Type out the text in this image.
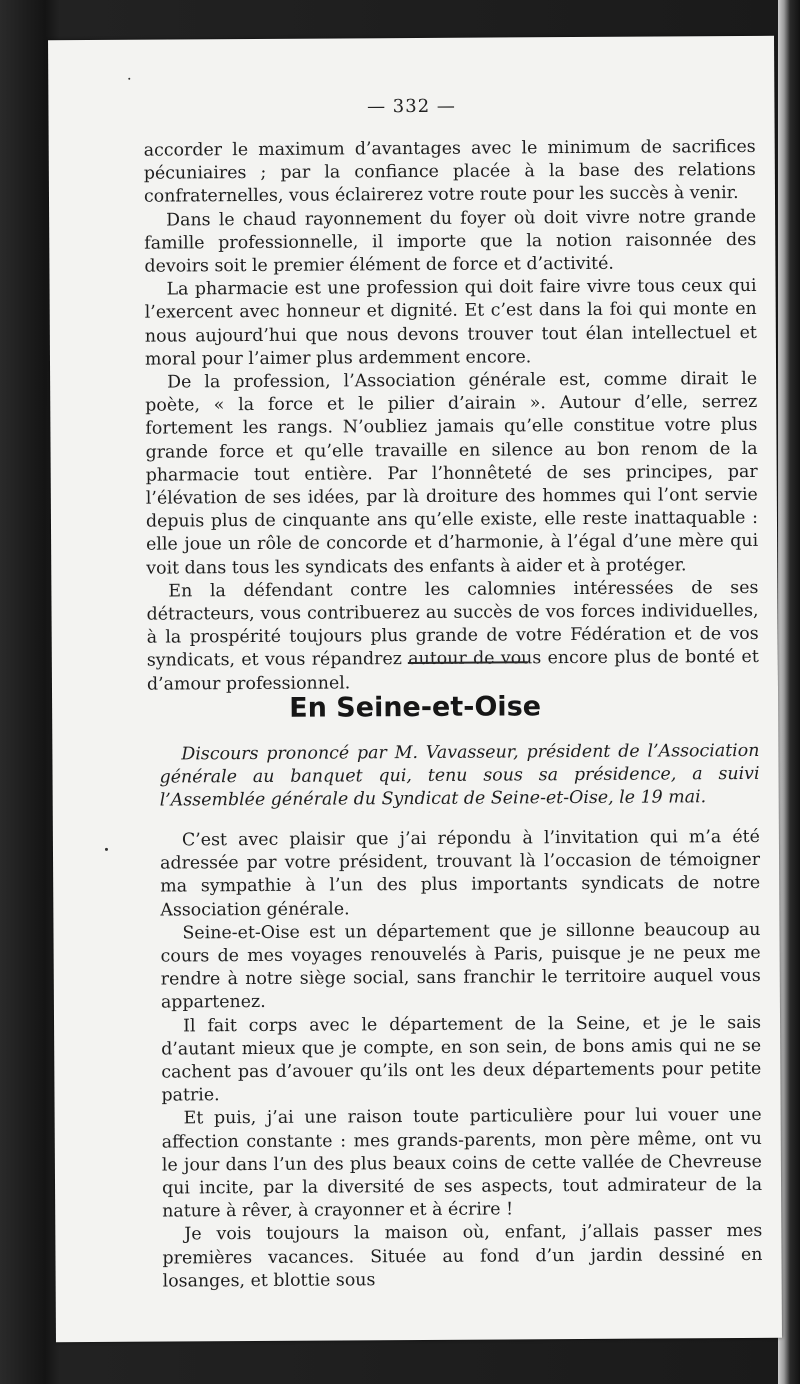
— 332 —

accorder le maximum d’avantages avec le minimum de sacrifices pécuniaires ; par la confiance placée à la base des relations confraternelles, vous éclairerez votre route pour les succès à venir.

Dans le chaud rayonnement du foyer où doit vivre notre grande famille professionnelle, il importe que la notion raisonnée des devoirs soit le premier élément de force et d’activité.

La pharmacie est une profession qui doit faire vivre tous ceux qui l’exercent avec honneur et dignité. Et c’est dans la foi qui monte en nous aujourd’hui que nous devons trouver tout élan intellectuel et moral pour l’aimer plus ardemment encore.

De la profession, l’Association générale est, comme dirait le poète, « la force et le pilier d’airain ». Autour d’elle, serrez fortement les rangs. N’oubliez jamais qu’elle constitue votre plus grande force et qu’elle travaille en silence au bon renom de la pharmacie tout entière. Par l’honnêteté de ses principes, par l’élévation de ses idées, par là droiture des hommes qui l’ont servie depuis plus de cinquante ans qu’elle existe, elle reste inattaquable : elle joue un rôle de concorde et d’harmonie, à l’égal d’une mère qui voit dans tous les syndicats des enfants à aider et à protéger.

En la défendant contre les calomnies intéressées de ses détracteurs, vous contribuerez au succès de vos forces individuelles, à la prospérité toujours plus grande de votre Fédération et de vos syndicats, et vous répandrez autour de vous encore plus de bonté et d’amour professionnel.

En Seine-et-Oise

Discours prononcé par M. Vavasseur, président de l’Association générale au banquet qui, tenu sous sa présidence, a suivi l’Assemblée générale du Syndicat de Seine-et-Oise, le 19 mai.

C’est avec plaisir que j’ai répondu à l’invitation qui m’a été adressée par votre président, trouvant là l’occasion de témoigner ma sympathie à l’un des plus importants syndicats de notre Association générale.

Seine-et-Oise est un département que je sillonne beaucoup au cours de mes voyages renouvelés à Paris, puisque je ne peux me rendre à notre siège social, sans franchir le territoire auquel vous appartenez.

Il fait corps avec le département de la Seine, et je le sais d’autant mieux que je compte, en son sein, de bons amis qui ne se cachent pas d’avouer qu’ils ont les deux départements pour petite patrie.

Et puis, j’ai une raison toute particulière pour lui vouer une affection constante : mes grands-parents, mon père même, ont vu le jour dans l’un des plus beaux coins de cette vallée de Chevreuse qui incite, par la diversité de ses aspects, tout admirateur de la nature à rêver, à crayonner et à écrire !

Je vois toujours la maison où, enfant, j’allais passer mes premières vacances. Située au fond d’un jardin dessiné en losanges, et blottie sous
